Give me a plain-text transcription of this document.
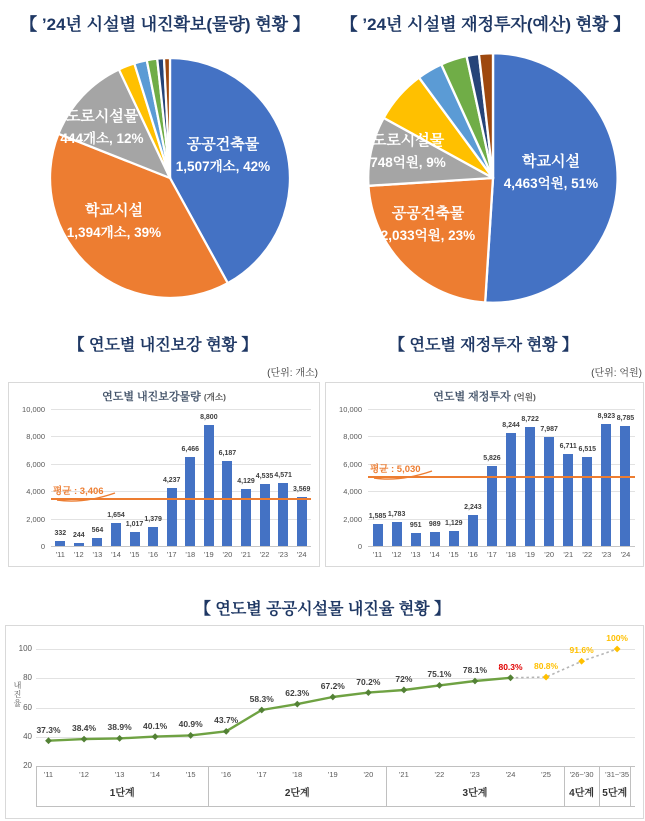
【 ’24년 시설별 내진확보(물량) 현황 】	【 ’24년 시설별 재정투자(예산) 현황 】
도로시설물
444개소, 12%
학교시설
1,394개소, 39%
공공건축물
1,507개소, 42%
도로시설물
748억원, 9%
공공건축물
2,033억원, 23%
학교시설
4,463억원, 51%
【 연도별 내진보강 현황 】	【 연도별 재정투자 현황 】
(단위: 개소)	(단위: 억원)
연도별 내진보강물량 (개소)
0
2,000
4,000
6,000
8,000
10,000
332
'11
244
'12
564
'13
1,654
'14
1,017
'15
1,379
'16
4,237
'17
6,466
'18
8,800
'19
6,187
'20
4,129
'21
4,535
'22
4,571
'23
3,569
'24
평균 : 3,406
연도별 재정투자 (억원)
0
2,000
4,000
6,000
8,000
10,000
1,585
'11
1,783
'12
951
'13
989
'14
1,129
'15
2,243
'16
5,826
'17
8,244
'18
8,722
'19
7,987
'20
6,711
'21
6,515
'22
8,923
'23
8,785
'24
평균 : 5,030
【 연도별 공공시설물 내진율 현황 】
내진율
100
80
60
40
20
37.3% 38.4% 38.9% 40.1% 40.9% 43.7%
58.3%
62.3%
67.2% 70.2% 72% 75.1% 78.1% 80.3% 80.8%
91.6%
100%
'11	'12	'13	'14	'15	'16	'17	'18	'19	'20	'21	'22	'23	'24	'25 '26~'30 '31~'35
1단계	2단계	3단계	4단계 5단계
